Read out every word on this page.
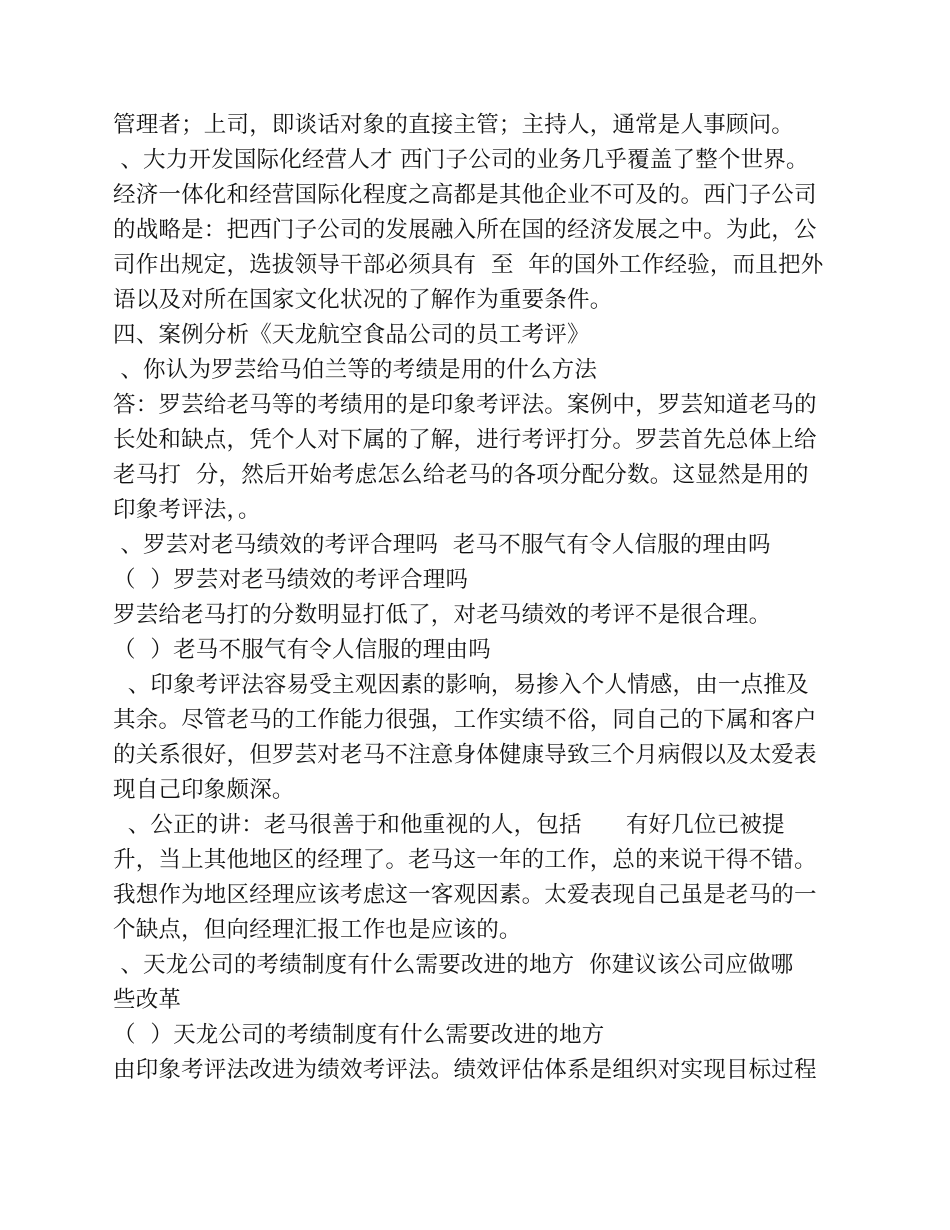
管理者；上司，即谈话对象的直接主管；主持人，通常是人事顾问。
、大力开发国际化经营人才 西门子公司的业务几乎覆盖了整个世界。
经济一体化和经营国际化程度之高都是其他企业不可及的。西门子公司
的战略是：把西门子公司的发展融入所在国的经济发展之中。为此，公
司作出规定，选拔领导干部必须具有  至  年的国外工作经验，而且把外
语以及对所在国家文化状况的了解作为重要条件。
四、案例分析《天龙航空食品公司的员工考评》
、你认为罗芸给马伯兰等的考绩是用的什么方法
答：罗芸给老马等的考绩用的是印象考评法。案例中，罗芸知道老马的
长处和缺点，凭个人对下属的了解，进行考评打分。罗芸首先总体上给
老马打  分，然后开始考虑怎么给老马的各项分配分数。这显然是用的
印象考评法，。
、罗芸对老马绩效的考评合理吗  老马不服气有令人信服的理由吗
（  ）罗芸对老马绩效的考评合理吗
罗芸给老马打的分数明显打低了，对老马绩效的考评不是很合理。
（  ）老马不服气有令人信服的理由吗
、印象考评法容易受主观因素的影响，易掺入个人情感，由一点推及
其余。尽管老马的工作能力很强，工作实绩不俗，同自己的下属和客户
的关系很好，但罗芸对老马不注意身体健康导致三个月病假以及太爱表
现自己印象颇深。
、公正的讲：老马很善于和他重视的人，包括      有好几位已被提
升，当上其他地区的经理了。老马这一年的工作，总的来说干得不错。
我想作为地区经理应该考虑这一客观因素。太爱表现自己虽是老马的一
个缺点，但向经理汇报工作也是应该的。
、天龙公司的考绩制度有什么需要改进的地方  你建议该公司应做哪
些改革
（  ）天龙公司的考绩制度有什么需要改进的地方
由印象考评法改进为绩效考评法。绩效评估体系是组织对实现目标过程
